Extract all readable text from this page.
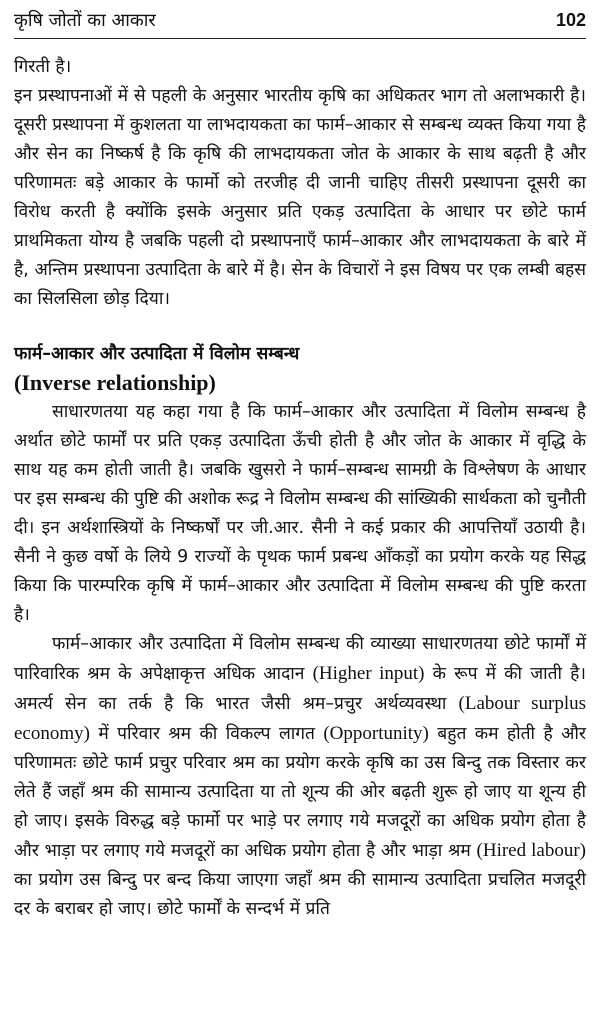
कृषि जोतों का आकार	102

गिरती है।

इन प्रस्थापनाओं में से पहली के अनुसार भारतीय कृषि का अधिकतर भाग तो अलाभकारी है। दूसरी प्रस्थापना में कुशलता या लाभदायकता का फार्म–आकार से सम्बन्ध व्यक्त किया गया है और सेन का निष्कर्ष है कि कृषि की लाभदायकता जोत के आकार के साथ बढ़ती है और परिणामतः बड़े आकार के फार्मो को तरजीह दी जानी चाहिए तीसरी प्रस्थापना दूसरी का विरोध करती है क्योंकि इसके अनुसार प्रति एकड़ उत्पादिता के आधार पर छोटे फार्म प्राथमिकता योग्य है जबकि पहली दो प्रस्थापनाएँ फार्म–आकार और लाभदायकता के बारे में है, अन्तिम प्रस्थापना उत्पादिता के बारे में है। सेन के विचारों ने इस विषय पर एक लम्बी बहस का सिलसिला छोड़ दिया।

फार्म–आकार और उत्पादिता में विलोम सम्बन्ध

(Inverse relationship)

साधारणतया यह कहा गया है कि फार्म–आकार और उत्पादिता में विलोम सम्बन्ध है अर्थात छोटे फार्मों पर प्रति एकड़ उत्पादिता ऊँची होती है और जोत के आकार में वृद्धि के साथ यह कम होती जाती है। जबकि खुसरो ने फार्म–सम्बन्ध सामग्री के विश्लेषण के आधार पर इस सम्बन्ध की पुष्टि की अशोक रूद्र ने विलोम सम्बन्ध की सांख्यिकी सार्थकता को चुनौती दी। इन अर्थशास्त्रियों के निष्कर्षों पर जी.आर. सैनी ने कई प्रकार की आपत्तियाँ उठायी है। सैनी ने कुछ वर्षो के लिये 9 राज्यों के पृथक फार्म प्रबन्ध आँकड़ों का प्रयोग करके यह सिद्ध किया कि पारम्परिक कृषि में फार्म–आकार और उत्पादिता में विलोम सम्बन्ध की पुष्टि करता है।

फार्म–आकार और उत्पादिता में विलोम सम्बन्ध की व्याख्या साधारणतया छोटे फार्मों में पारिवारिक श्रम के अपेक्षाकृत्त अधिक आदान (Higher input) के रूप में की जाती है। अमर्त्य सेन का तर्क है कि भारत जैसी श्रम–प्रचुर अर्थव्यवस्था (Labour surplus economy) में परिवार श्रम की विकल्प लागत (Opportunity) बहुत कम होती है और परिणामतः छोटे फार्म प्रचुर परिवार श्रम का प्रयोग करके कृषि का उस बिन्दु तक विस्तार कर लेते हैं जहाँ श्रम की सामान्य उत्पादिता या तो शून्य की ओर बढ़ती शुरू हो जाए या शून्य ही हो जाए। इसके विरुद्ध बड़े फार्मो पर भाड़े पर लगाए गये मजदूरों का अधिक प्रयोग होता है और भाड़ा पर लगाए गये मजदूरों का अधिक प्रयोग होता है और भाड़ा श्रम (Hired labour) का प्रयोग उस बिन्दु पर बन्द किया जाएगा जहाँ श्रम की सामान्य उत्पादिता प्रचलित मजदूरी दर के बराबर हो जाए। छोटे फार्मों के सन्दर्भ में प्रति
